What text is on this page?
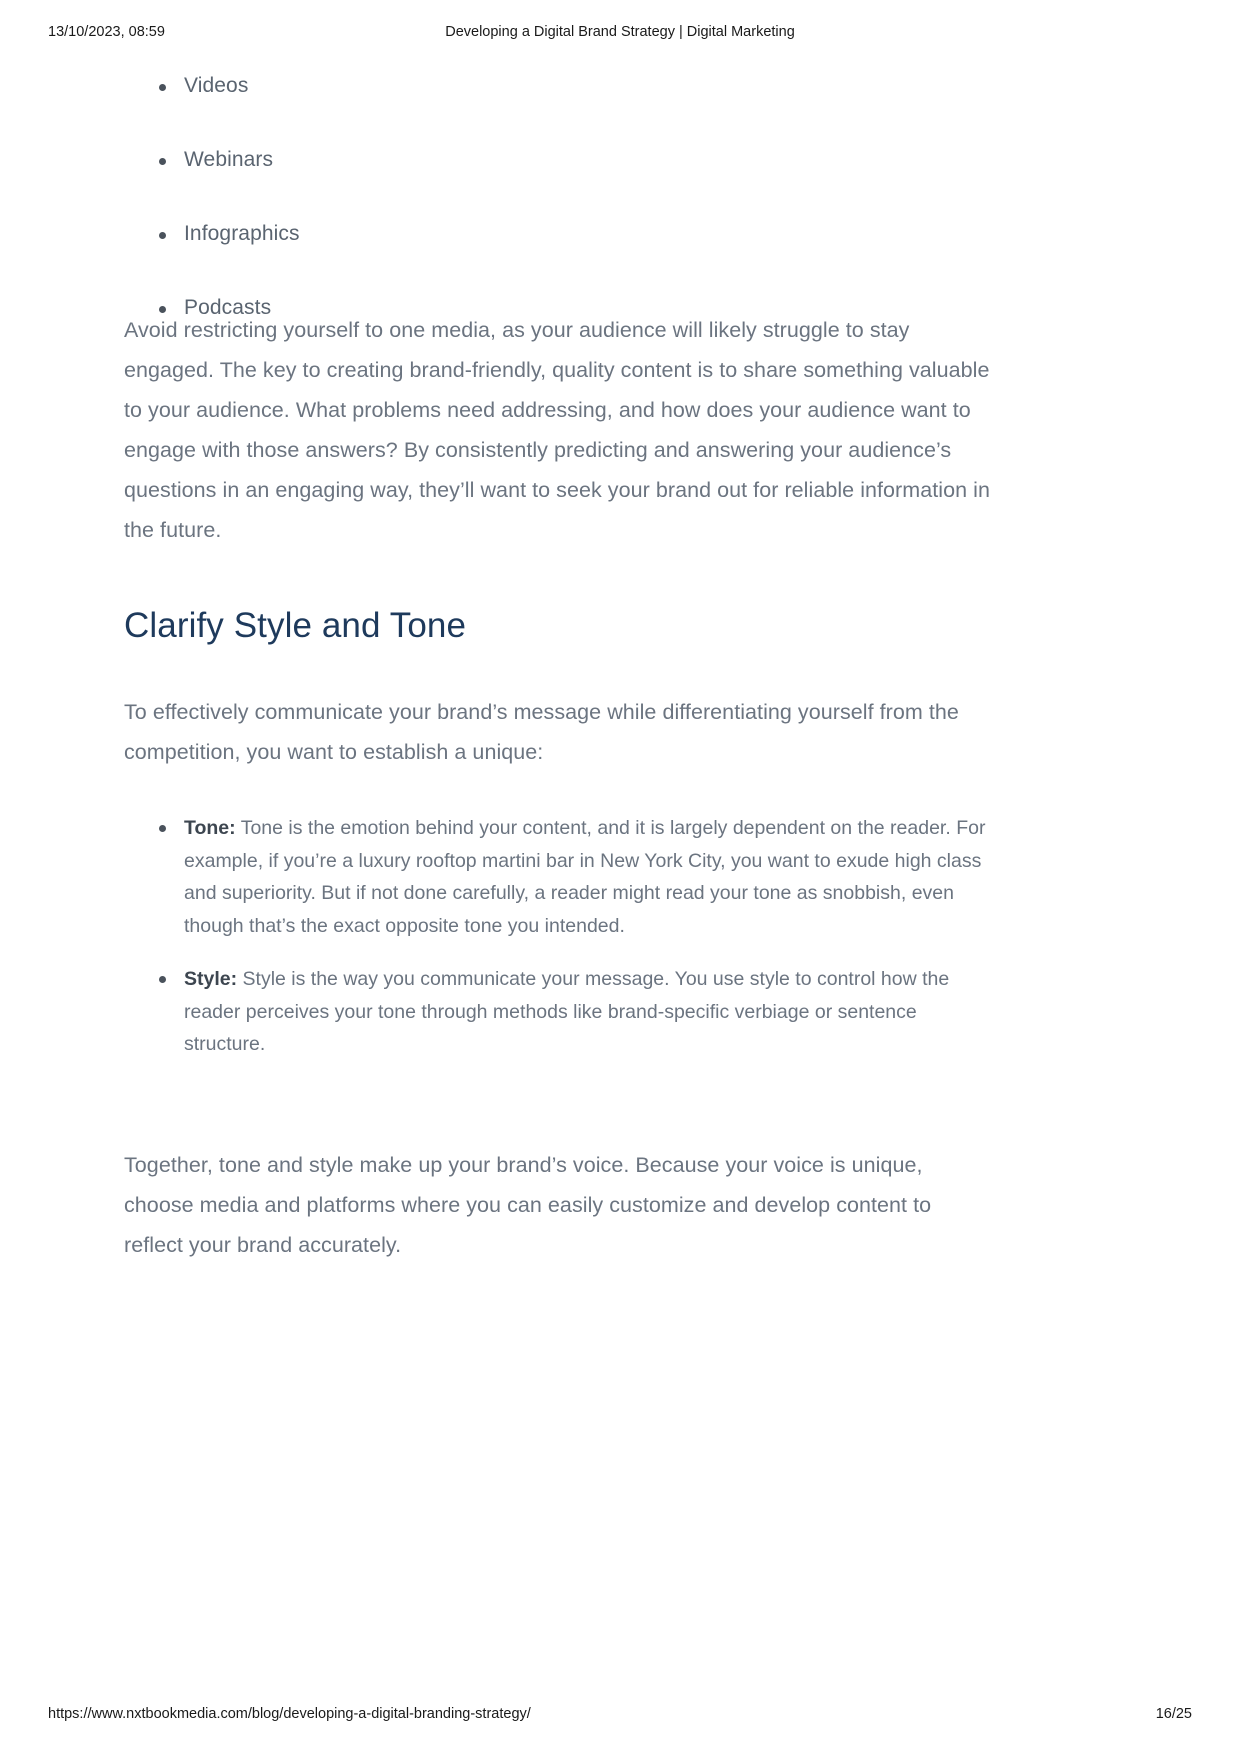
13/10/2023, 08:59	Developing a Digital Brand Strategy | Digital Marketing
Videos
Webinars
Infographics
Podcasts

Avoid restricting yourself to one media, as your audience will likely struggle to stay engaged. The key to creating brand-friendly, quality content is to share something valuable to your audience. What problems need addressing, and how does your audience want to engage with those answers? By consistently predicting and answering your audience’s questions in an engaging way, they’ll want to seek your brand out for reliable information in the future.

Clarify Style and Tone

To effectively communicate your brand’s message while differentiating yourself from the competition, you want to establish a unique:

Tone: Tone is the emotion behind your content, and it is largely dependent on the reader. For example, if you’re a luxury rooftop martini bar in New York City, you want to exude high class and superiority. But if not done carefully, a reader might read your tone as snobbish, even though that’s the exact opposite tone you intended.
Style: Style is the way you communicate your message. You use style to control how the reader perceives your tone through methods like brand-specific verbiage or sentence structure.

Together, tone and style make up your brand’s voice. Because your voice is unique, choose media and platforms where you can easily customize and develop content to reflect your brand accurately.

https://www.nxtbookmedia.com/blog/developing-a-digital-branding-strategy/	16/25
